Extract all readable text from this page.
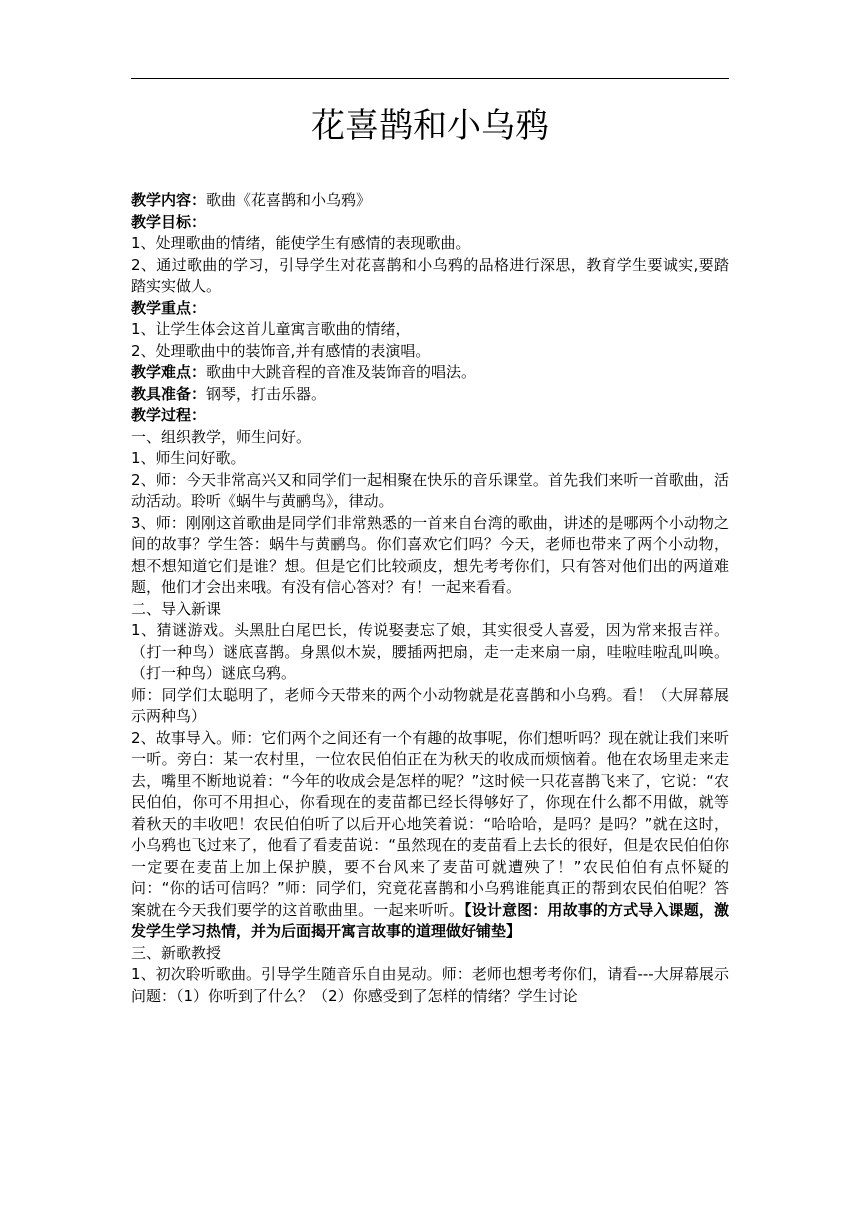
花喜鹊和小乌鸦

教学内容：歌曲《花喜鹊和小乌鸦》

教学目标：

1、处理歌曲的情绪，能使学生有感情的表现歌曲。

2、通过歌曲的学习，引导学生对花喜鹊和小乌鸦的品格进行深思，教育学生要诚实,要踏踏实实做人。

教学重点：

1、让学生体会这首儿童寓言歌曲的情绪，

2、处理歌曲中的装饰音,并有感情的表演唱。

教学难点：歌曲中大跳音程的音准及装饰音的唱法。

教具准备：钢琴，打击乐器。

教学过程：

一、组织教学，师生问好。

1、师生问好歌。

2、师：今天非常高兴又和同学们一起相聚在快乐的音乐课堂。首先我们来听一首歌曲，活动活动。聆听《蜗牛与黄鹂鸟》，律动。

3、师：刚刚这首歌曲是同学们非常熟悉的一首来自台湾的歌曲，讲述的是哪两个小动物之间的故事？学生答：蜗牛与黄鹂鸟。你们喜欢它们吗？今天，老师也带来了两个小动物，想不想知道它们是谁？想。但是它们比较顽皮，想先考考你们，只有答对他们出的两道难题，他们才会出来哦。有没有信心答对？有！一起来看看。

二、导入新课

1、猜谜游戏。头黑肚白尾巴长，传说娶妻忘了娘，其实很受人喜爱，因为常来报吉祥。（打一种鸟）谜底喜鹊。身黑似木炭，腰插两把扇，走一走来扇一扇，哇啦哇啦乱叫唤。（打一种鸟）谜底乌鸦。

师：同学们太聪明了，老师今天带来的两个小动物就是花喜鹊和小乌鸦。看！（大屏幕展示两种鸟）

2、故事导入。师：它们两个之间还有一个有趣的故事呢，你们想听吗？现在就让我们来听一听。旁白：某一农村里，一位农民伯伯正在为秋天的收成而烦恼着。他在农场里走来走去，嘴里不断地说着：“今年的收成会是怎样的呢？”这时候一只花喜鹊飞来了，它说：“农民伯伯，你可不用担心，你看现在的麦苗都已经长得够好了，你现在什么都不用做，就等着秋天的丰收吧！农民伯伯听了以后开心地笑着说：“哈哈哈，是吗？是吗？”就在这时，小乌鸦也飞过来了，他看了看麦苗说：“虽然现在的麦苗看上去长的很好，但是农民伯伯你一定要在麦苗上加上保护膜，要不台风来了麦苗可就遭殃了！”农民伯伯有点怀疑的问：“你的话可信吗？”师：同学们，究竟花喜鹊和小乌鸦谁能真正的帮到农民伯伯呢？答案就在今天我们要学的这首歌曲里。一起来听听。【设计意图：用故事的方式导入课题，激发学生学习热情，并为后面揭开寓言故事的道理做好铺垫】

三、新歌教授

1、初次聆听歌曲。引导学生随音乐自由晃动。师：老师也想考考你们，请看---大屏幕展示问题：（1）你听到了什么？（2）你感受到了怎样的情绪？学生讨论
